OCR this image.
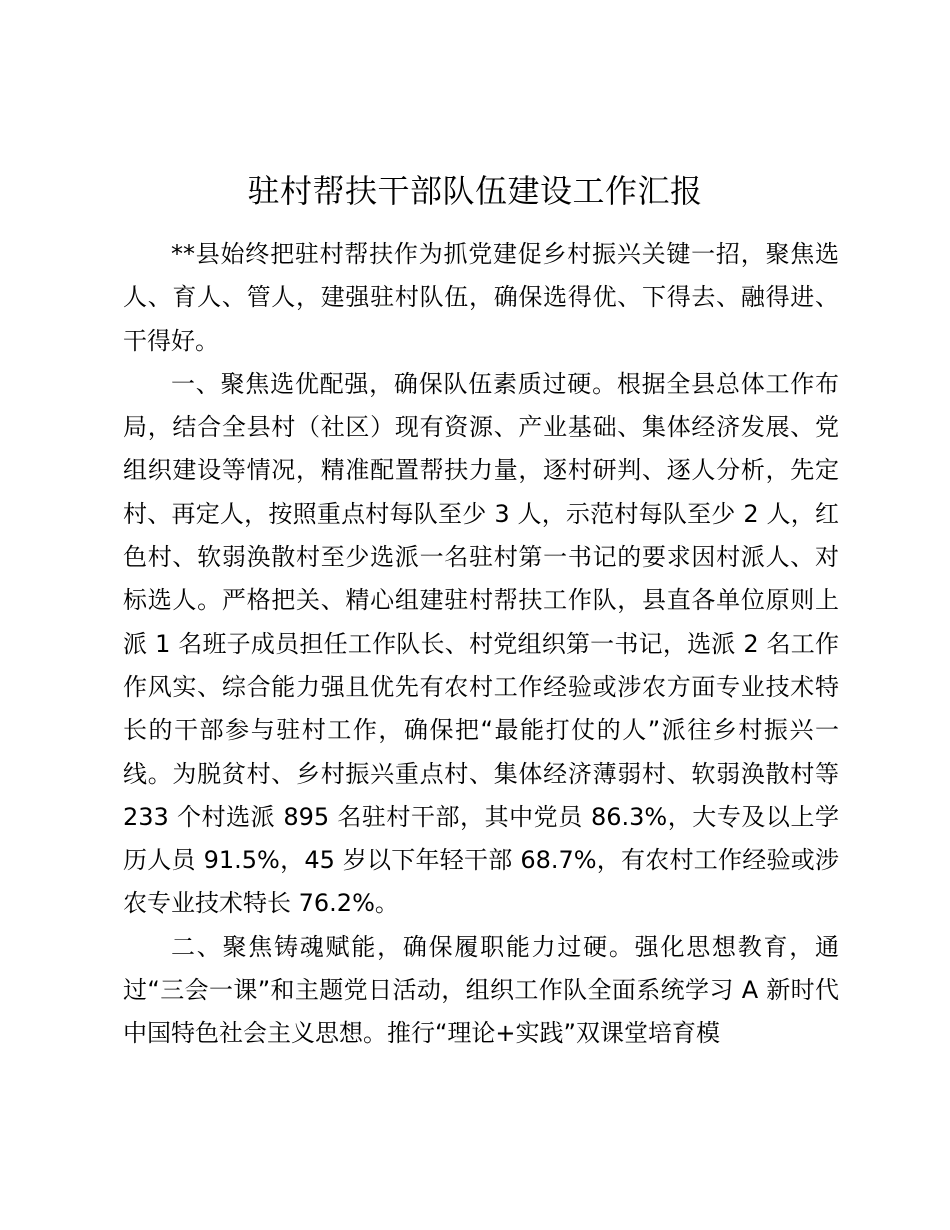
驻村帮扶干部队伍建设工作汇报

**县始终把驻村帮扶作为抓党建促乡村振兴关键一招，聚焦选人、育人、管人，建强驻村队伍，确保选得优、下得去、融得进、干得好。

一、聚焦选优配强，确保队伍素质过硬。根据全县总体工作布局，结合全县村（社区）现有资源、产业基础、集体经济发展、党组织建设等情况，精准配置帮扶力量，逐村研判、逐人分析，先定村、再定人，按照重点村每队至少 3 人，示范村每队至少 2 人，红色村、软弱涣散村至少选派一名驻村第一书记的要求因村派人、对标选人。严格把关、精心组建驻村帮扶工作队，县直各单位原则上派 1 名班子成员担任工作队长、村党组织第一书记，选派 2 名工作作风实、综合能力强且优先有农村工作经验或涉农方面专业技术特长的干部参与驻村工作，确保把“最能打仗的人”派往乡村振兴一线。为脱贫村、乡村振兴重点村、集体经济薄弱村、软弱涣散村等 233 个村选派 895 名驻村干部，其中党员 86.3%，大专及以上学历人员 91.5%，45 岁以下年轻干部 68.7%，有农村工作经验或涉农专业技术特长 76.2%。

二、聚焦铸魂赋能，确保履职能力过硬。强化思想教育，通过“三会一课”和主题党日活动，组织工作队全面系统学习 A 新时代中国特色社会主义思想。推行“理论+实践”双课堂培育模
